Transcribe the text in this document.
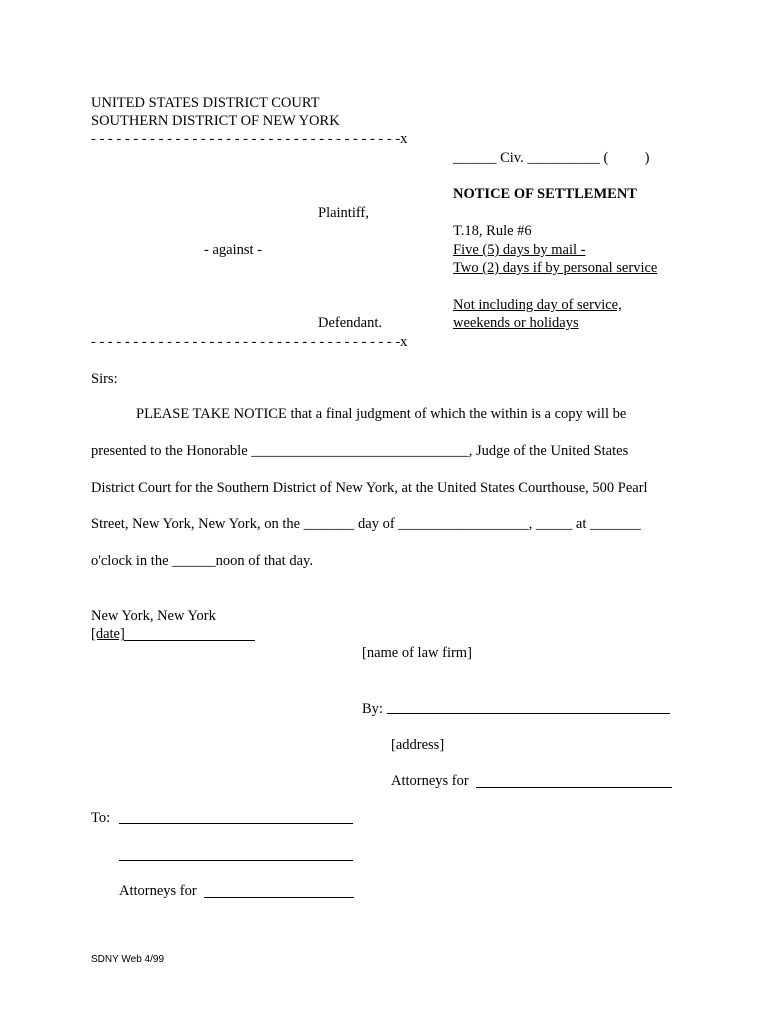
UNITED STATES DISTRICT COURT
SOUTHERN DISTRICT OF NEW YORK
- - - - - - - - - - - - - - - - - - - - - - - - - - - - - - - - - - - - -x
______ Civ. __________ (          )
NOTICE OF SETTLEMENT
Plaintiff,
T.18, Rule #6
- against -	Five (5) days by mail -
Two (2) days if by personal service
Not including day of service,
Defendant.	weekends or holidays
- - - - - - - - - - - - - - - - - - - - - - - - - - - - - - - - - - - - -x
Sirs:
PLEASE TAKE NOTICE that a final judgment of which the within is a copy will be
presented to the Honorable ______________________________, Judge of the United States
District Court for the Southern District of New York, at the United States Courthouse, 500 Pearl
Street, New York, New York, on the _______ day of __________________, _____ at _______
o'clock in the ______noon of that day.
New York, New York
[date]
[name of law firm]
By:
[address]
Attorneys for
To:
Attorneys for
SDNY Web 4/99
